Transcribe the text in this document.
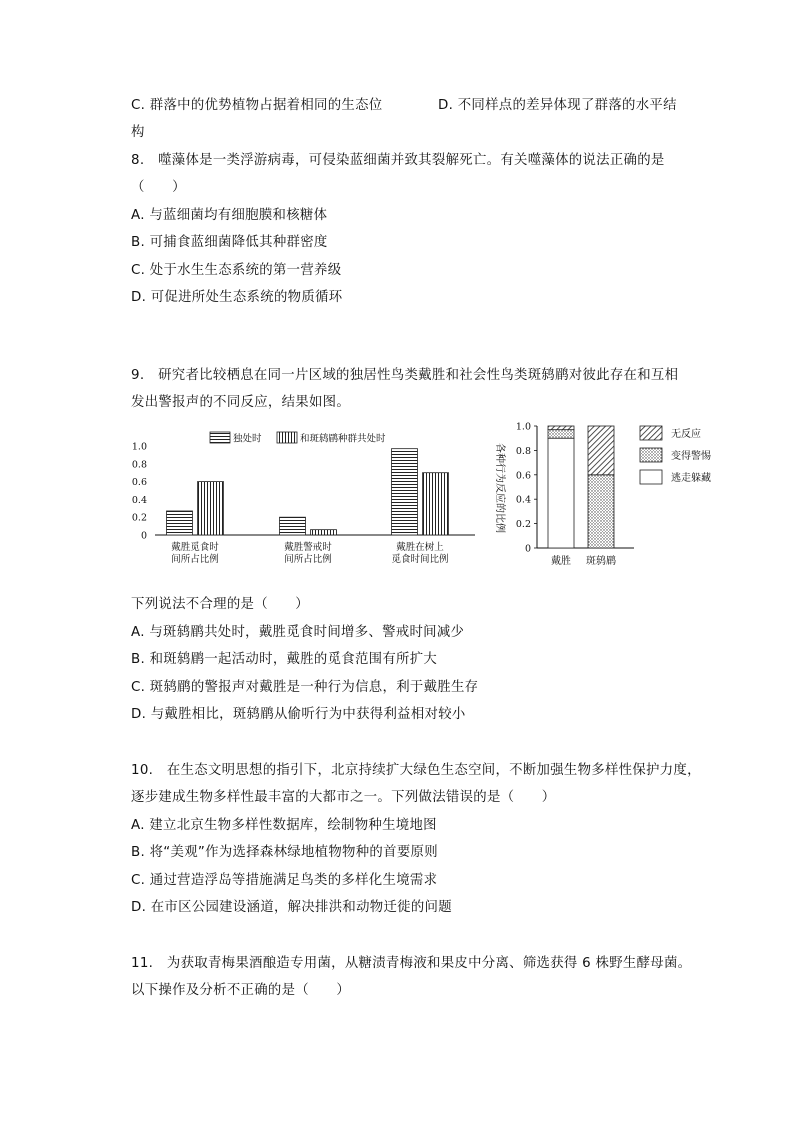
C. 群落中的优势植物占据着相同的生态位	D. 不同样点的差异体现了群落的水平结
构
8.　噬藻体是一类浮游病毒，可侵染蓝细菌并致其裂解死亡。有关噬藻体的说法正确的是
（　　）
A. 与蓝细菌均有细胞膜和核糖体
B. 可捕食蓝细菌降低其种群密度
C. 处于水生生态系统的第一营养级
D. 可促进所处生态系统的物质循环
9.　研究者比较栖息在同一片区域的独居性鸟类戴胜和社会性鸟类斑鸫鹛对彼此存在和互相
发出警报声的不同反应，结果如图。
0
0.2
0.4
0.6
0.8
1.0
戴胜觅食时
间所占比例
戴胜警戒时
间所占比例
戴胜在树上
觅食时间比例
独处时	和斑鸫鹛种群共处时
各种行为反应的比例
0
0.2
0.4
0.6
0.8
1.0
戴胜 斑鸫鹛
无反应
变得警惕
逃走躲藏
下列说法不合理的是（　　）
A. 与斑鸫鹛共处时，戴胜觅食时间增多、警戒时间减少
B. 和斑鸫鹛一起活动时，戴胜的觅食范围有所扩大
C. 斑鸫鹛的警报声对戴胜是一种行为信息，利于戴胜生存
D. 与戴胜相比，斑鸫鹛从偷听行为中获得利益相对较小
10.　在生态文明思想的指引下，北京持续扩大绿色生态空间，不断加强生物多样性保护力度，
逐步建成生物多样性最丰富的大都市之一。下列做法错误的是（　　）
A. 建立北京生物多样性数据库，绘制物种生境地图
B. 将“美观”作为选择森林绿地植物物种的首要原则
C. 通过营造浮岛等措施满足鸟类的多样化生境需求
D. 在市区公园建设涵道，解决排洪和动物迁徙的问题
11.　为获取青梅果酒酿造专用菌，从糖渍青梅液和果皮中分离、筛选获得 6 株野生酵母菌。
以下操作及分析不正确的是（　　）
